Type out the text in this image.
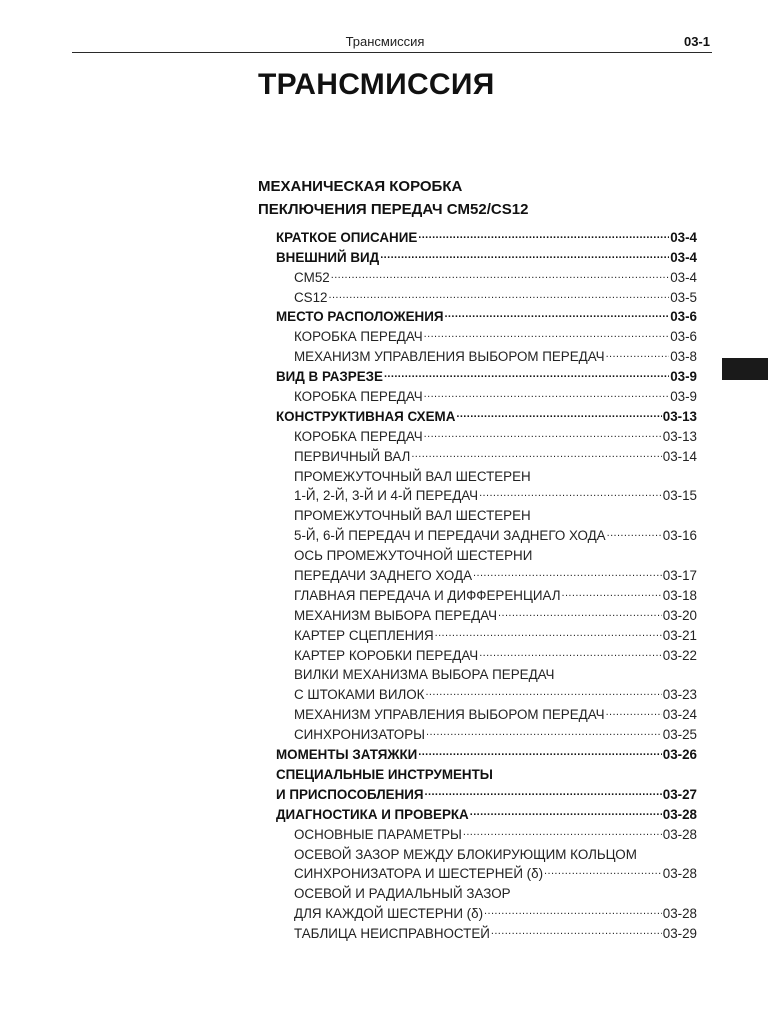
Трансмиссия	03-1
ТРАНСМИССИЯ
МЕХАНИЧЕСКАЯ КОРОБКА
ПЕКЛЮЧЕНИЯ ПЕРЕДАЧ CM52/CS12
КРАТКОЕ ОПИСАНИЕ .....	03-4
ВНЕШНИЙ ВИД .....	03-4
CM52 .....	03-4
CS12 .....	03-5
МЕСТО РАСПОЛОЖЕНИЯ .....	03-6
КОРОБКА ПЕРЕДАЧ .....	03-6
МЕХАНИЗМ УПРАВЛЕНИЯ ВЫБОРОМ ПЕРЕДАЧ .....	03-8
ВИД В РАЗРЕЗЕ .....	03-9
КОРОБКА ПЕРЕДАЧ .....	03-9
КОНСТРУКТИВНАЯ СХЕМА .....	03-13
КОРОБКА ПЕРЕДАЧ .....	03-13
ПЕРВИЧНЫЙ ВАЛ .....	03-14
ПРОМЕЖУТОЧНЫЙ ВАЛ ШЕСТЕРЕН
1-Й, 2-Й, 3-Й И 4-Й ПЕРЕДАЧ .....	03-15
ПРОМЕЖУТОЧНЫЙ ВАЛ ШЕСТЕРЕН
5-Й, 6-Й ПЕРЕДАЧ И ПЕРЕДАЧИ ЗАДНЕГО ХОДА .....	03-16
ОСЬ ПРОМЕЖУТОЧНОЙ ШЕСТЕРНИ
ПЕРЕДАЧИ ЗАДНЕГО ХОДА .....	03-17
ГЛАВНАЯ ПЕРЕДАЧА И ДИФФЕРЕНЦИАЛ .....	03-18
МЕХАНИЗМ ВЫБОРА ПЕРЕДАЧ .....	03-20
КАРТЕР СЦЕПЛЕНИЯ .....	03-21
КАРТЕР КОРОБКИ ПЕРЕДАЧ .....	03-22
ВИЛКИ МЕХАНИЗМА ВЫБОРА ПЕРЕДАЧ
С ШТОКАМИ ВИЛОК .....	03-23
МЕХАНИЗМ УПРАВЛЕНИЯ ВЫБОРОМ ПЕРЕДАЧ .....	03-24
СИНХРОНИЗАТОРЫ .....	03-25
МОМЕНТЫ ЗАТЯЖКИ .....	03-26
СПЕЦИАЛЬНЫЕ ИНСТРУМЕНТЫ
И ПРИСПОСОБЛЕНИЯ .....	03-27
ДИАГНОСТИКА И ПРОВЕРКА .....	03-28
ОСНОВНЫЕ ПАРАМЕТРЫ .....	03-28
ОСЕВОЙ ЗАЗОР МЕЖДУ БЛОКИРУЮЩИМ КОЛЬЦОМ
СИНХРОНИЗАТОРА И ШЕСТЕРНЕЙ (δ) .....	03-28
ОСЕВОЙ И РАДИАЛЬНЫЙ ЗАЗОР
ДЛЯ КАЖДОЙ ШЕСТЕРНИ (δ) .....	03-28
ТАБЛИЦА НЕИСПРАВНОСТЕЙ .....	03-29
